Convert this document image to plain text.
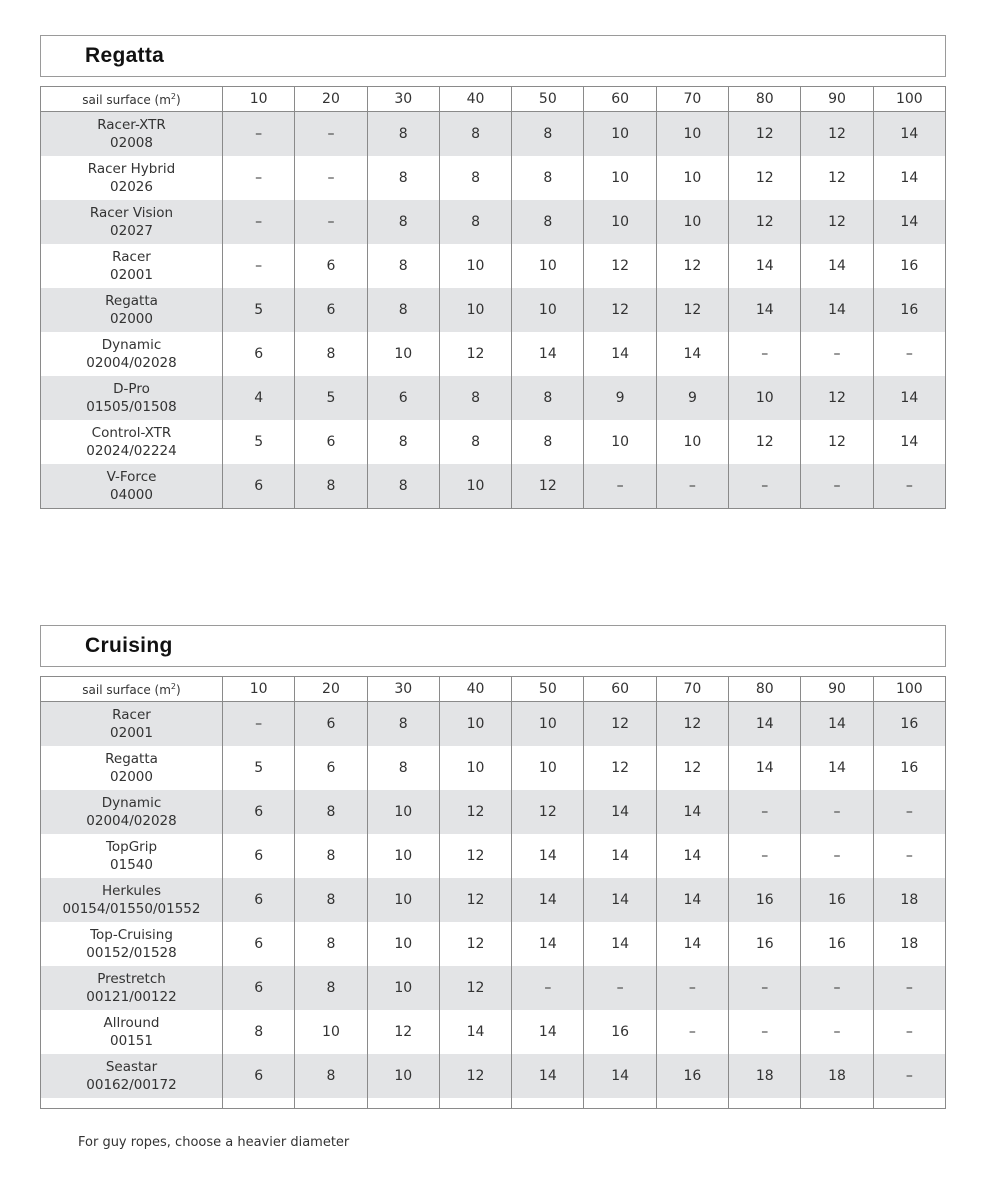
Regatta
sail surface $(m^2)$	10	20	30	40	50	60	70	80	90	100

Racer-XTR
02008	–	–	8	8	8	10	10	12	12	14

Racer Hybrid
02026	–	–	8	8	8	10	10	12	12	14

Racer Vision
02027	–	–	8	8	8	10	10	12	12	14

Racer
02001	–	6	8	10	10	12	12	14	14	16

Regatta
02000	5	6	8	10	10	12	12	14	14	16

Dynamic
02004/02028	6	8	10	12	14	14	14	–	–	–

D-Pro
01505/01508	4	5	6	8	8	9	9	10	12	14

Control-XTR
02024/02224	5	6	8	8	8	10	10	12	12	14

V-Force
04000	6	8	8	10	12	–	–	–	–	–
Cruising
sail surface $(m^2)$	10	20	30	40	50	60	70	80	90	100

Racer
02001	–	6	8	10	10	12	12	14	14	16

Regatta
02000	5	6	8	10	10	12	12	14	14	16

Dynamic
02004/02028	6	8	10	12	12	14	14	–	–	–

TopGrip
01540	6	8	10	12	14	14	14	–	–	–

Herkules
00154/01550/01552	6	8	10	12	14	14	14	16	16	18

Top-Cruising
00152/01528	6	8	10	12	14	14	14	16	16	18

Prestretch
00121/00122	6	8	10	12	–	–	–	–	–	–

Allround
00151	8	10	12	14	14	16	–	–	–	–

Seastar
00162/00172	6	8	10	12	14	14	16	18	18	–

For guy ropes, choose a heavier diameter
